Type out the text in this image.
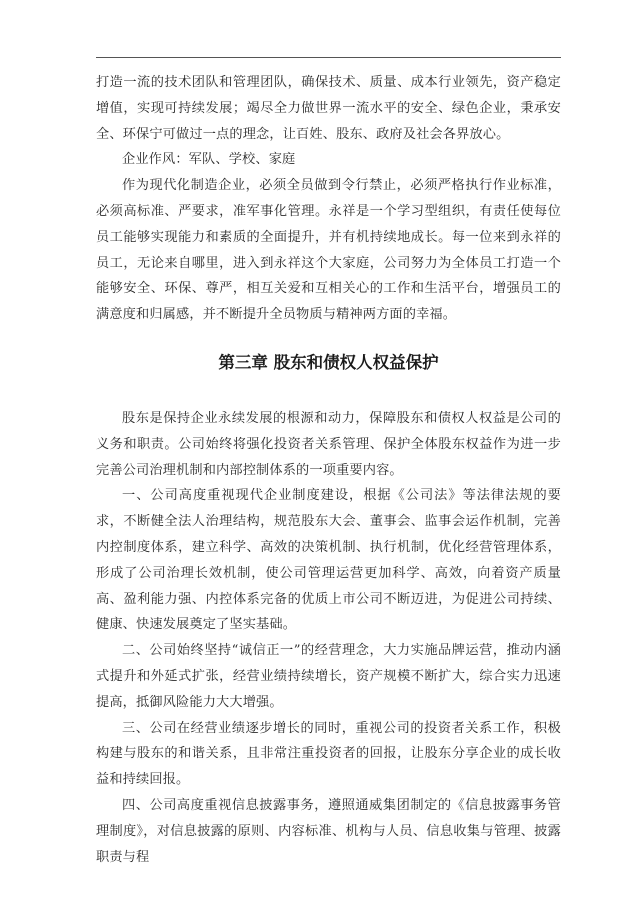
打造一流的技术团队和管理团队，确保技术、质量、成本行业领先，资产稳定增值，实现可持续发展；竭尽全力做世界一流水平的安全、绿色企业，秉承安全、环保宁可做过一点的理念，让百姓、股东、政府及社会各界放心。

企业作风：军队、学校、家庭

作为现代化制造企业，必须全员做到令行禁止，必须严格执行作业标准，必须高标准、严要求，准军事化管理。永祥是一个学习型组织，有责任使每位员工能够实现能力和素质的全面提升，并有机持续地成长。每一位来到永祥的员工，无论来自哪里，进入到永祥这个大家庭，公司努力为全体员工打造一个能够安全、环保、尊严，相互关爱和互相关心的工作和生活平台，增强员工的满意度和归属感，并不断提升全员物质与精神两方面的幸福。

第三章 股东和债权人权益保护

股东是保持企业永续发展的根源和动力，保障股东和债权人权益是公司的义务和职责。公司始终将强化投资者关系管理、保护全体股东权益作为进一步完善公司治理机制和内部控制体系的一项重要内容。

一、公司高度重视现代企业制度建设，根据《公司法》等法律法规的要求，不断健全法人治理结构，规范股东大会、董事会、监事会运作机制，完善内控制度体系，建立科学、高效的决策机制、执行机制，优化经营管理体系，形成了公司治理长效机制，使公司管理运营更加科学、高效，向着资产质量高、盈利能力强、内控体系完备的优质上市公司不断迈进，为促进公司持续、健康、快速发展奠定了坚实基础。

二、公司始终坚持“诚信正一”的经营理念，大力实施品牌运营，推动内涵式提升和外延式扩张，经营业绩持续增长，资产规模不断扩大，综合实力迅速提高，抵御风险能力大大增强。

三、公司在经营业绩逐步增长的同时，重视公司的投资者关系工作，积极构建与股东的和谐关系，且非常注重投资者的回报，让股东分享企业的成长收益和持续回报。

四、公司高度重视信息披露事务，遵照通威集团制定的《信息披露事务管理制度》，对信息披露的原则、内容标准、机构与人员、信息收集与管理、披露职责与程
